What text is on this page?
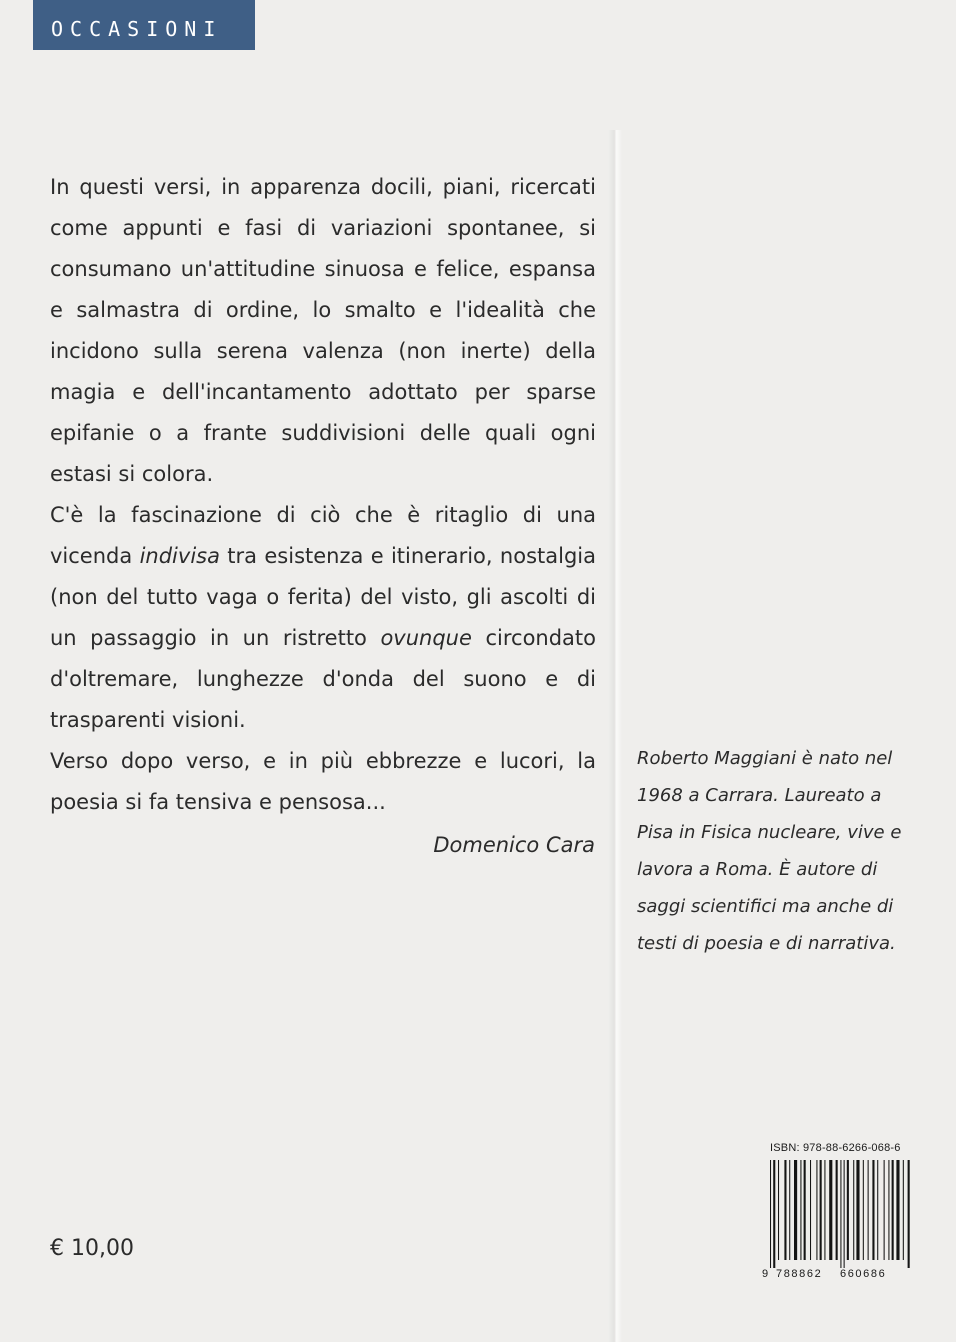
OCCASIONI

In questi versi, in apparenza docili, piani, ricercati come appunti e fasi di variazioni spontanee, si consumano un'attitudine sinuosa e felice, espansa e salmastra di ordine, lo smalto e l'idealità che incidono sulla serena valenza (non inerte) della magia e dell'incantamento adottato per sparse epifanie o a frante suddivisioni delle quali ogni estasi si colora.

C'è la fascinazione di ciò che è ritaglio di una vicenda indivisa tra esistenza e itinerario, nostalgia (non del tutto vaga o ferita) del visto, gli ascolti di un passaggio in un ristretto ovunque circondato d'oltremare, lunghezze d'onda del suono e di trasparenti visioni.

Verso dopo verso, e in più ebbrezze e lucori, la poesia si fa tensiva e pensosa...

Domenico Cara

Roberto Maggiani è nato nel 1968 a Carrara. Laureato a Pisa in Fisica nucleare, vive e lavora a Roma. È autore di saggi scientifici ma anche di testi di poesia e di narrativa.

ISBN: 978-88-6266-068-6
9 788862 660686
€ 10,00
